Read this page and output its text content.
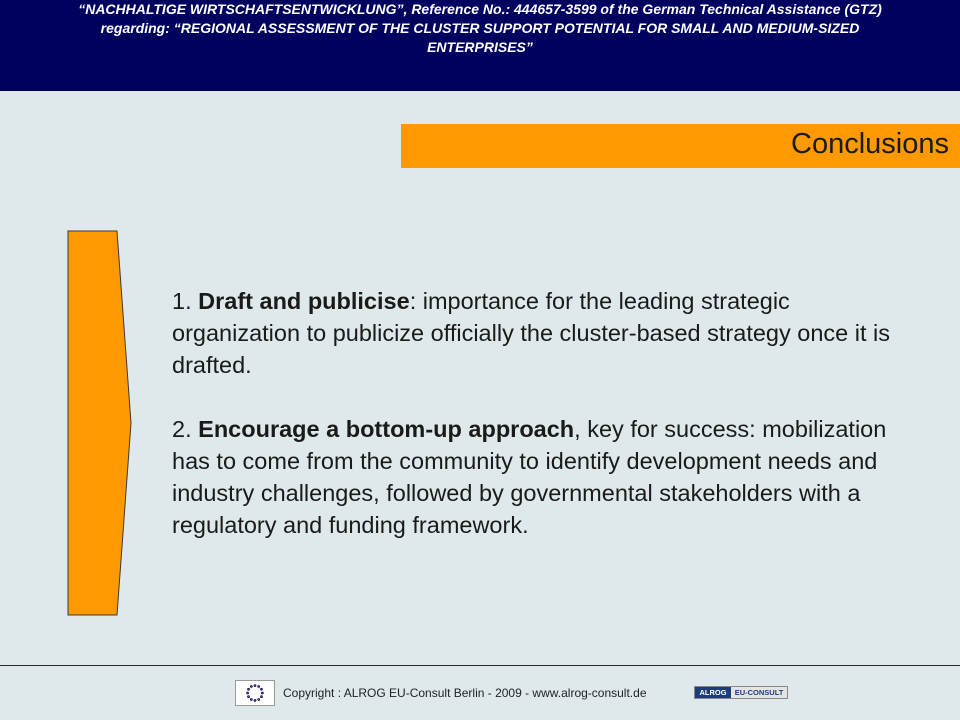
“NACHHALTIGE WIRTSCHAFTSENTWICKLUNG”, Reference No.: 444657-3599 of the German Technical Assistance (GTZ)
regarding: “REGIONAL ASSESSMENT OF THE CLUSTER SUPPORT POTENTIAL FOR SMALL AND MEDIUM-SIZED
ENTERPRISES”
Conclusions

1. Draft and publicise: importance for the leading strategic organization to publicize officially the cluster-based strategy once it is drafted.

2. Encourage a bottom-up approach, key for success: mobilization has to come from the community to identify development needs and industry challenges, followed by governmental stakeholders with a regulatory and funding framework.

Copyright : ALROG EU-Consult Berlin - 2009 - www.alrog-consult.de	ALROG	EU-CONSULT
